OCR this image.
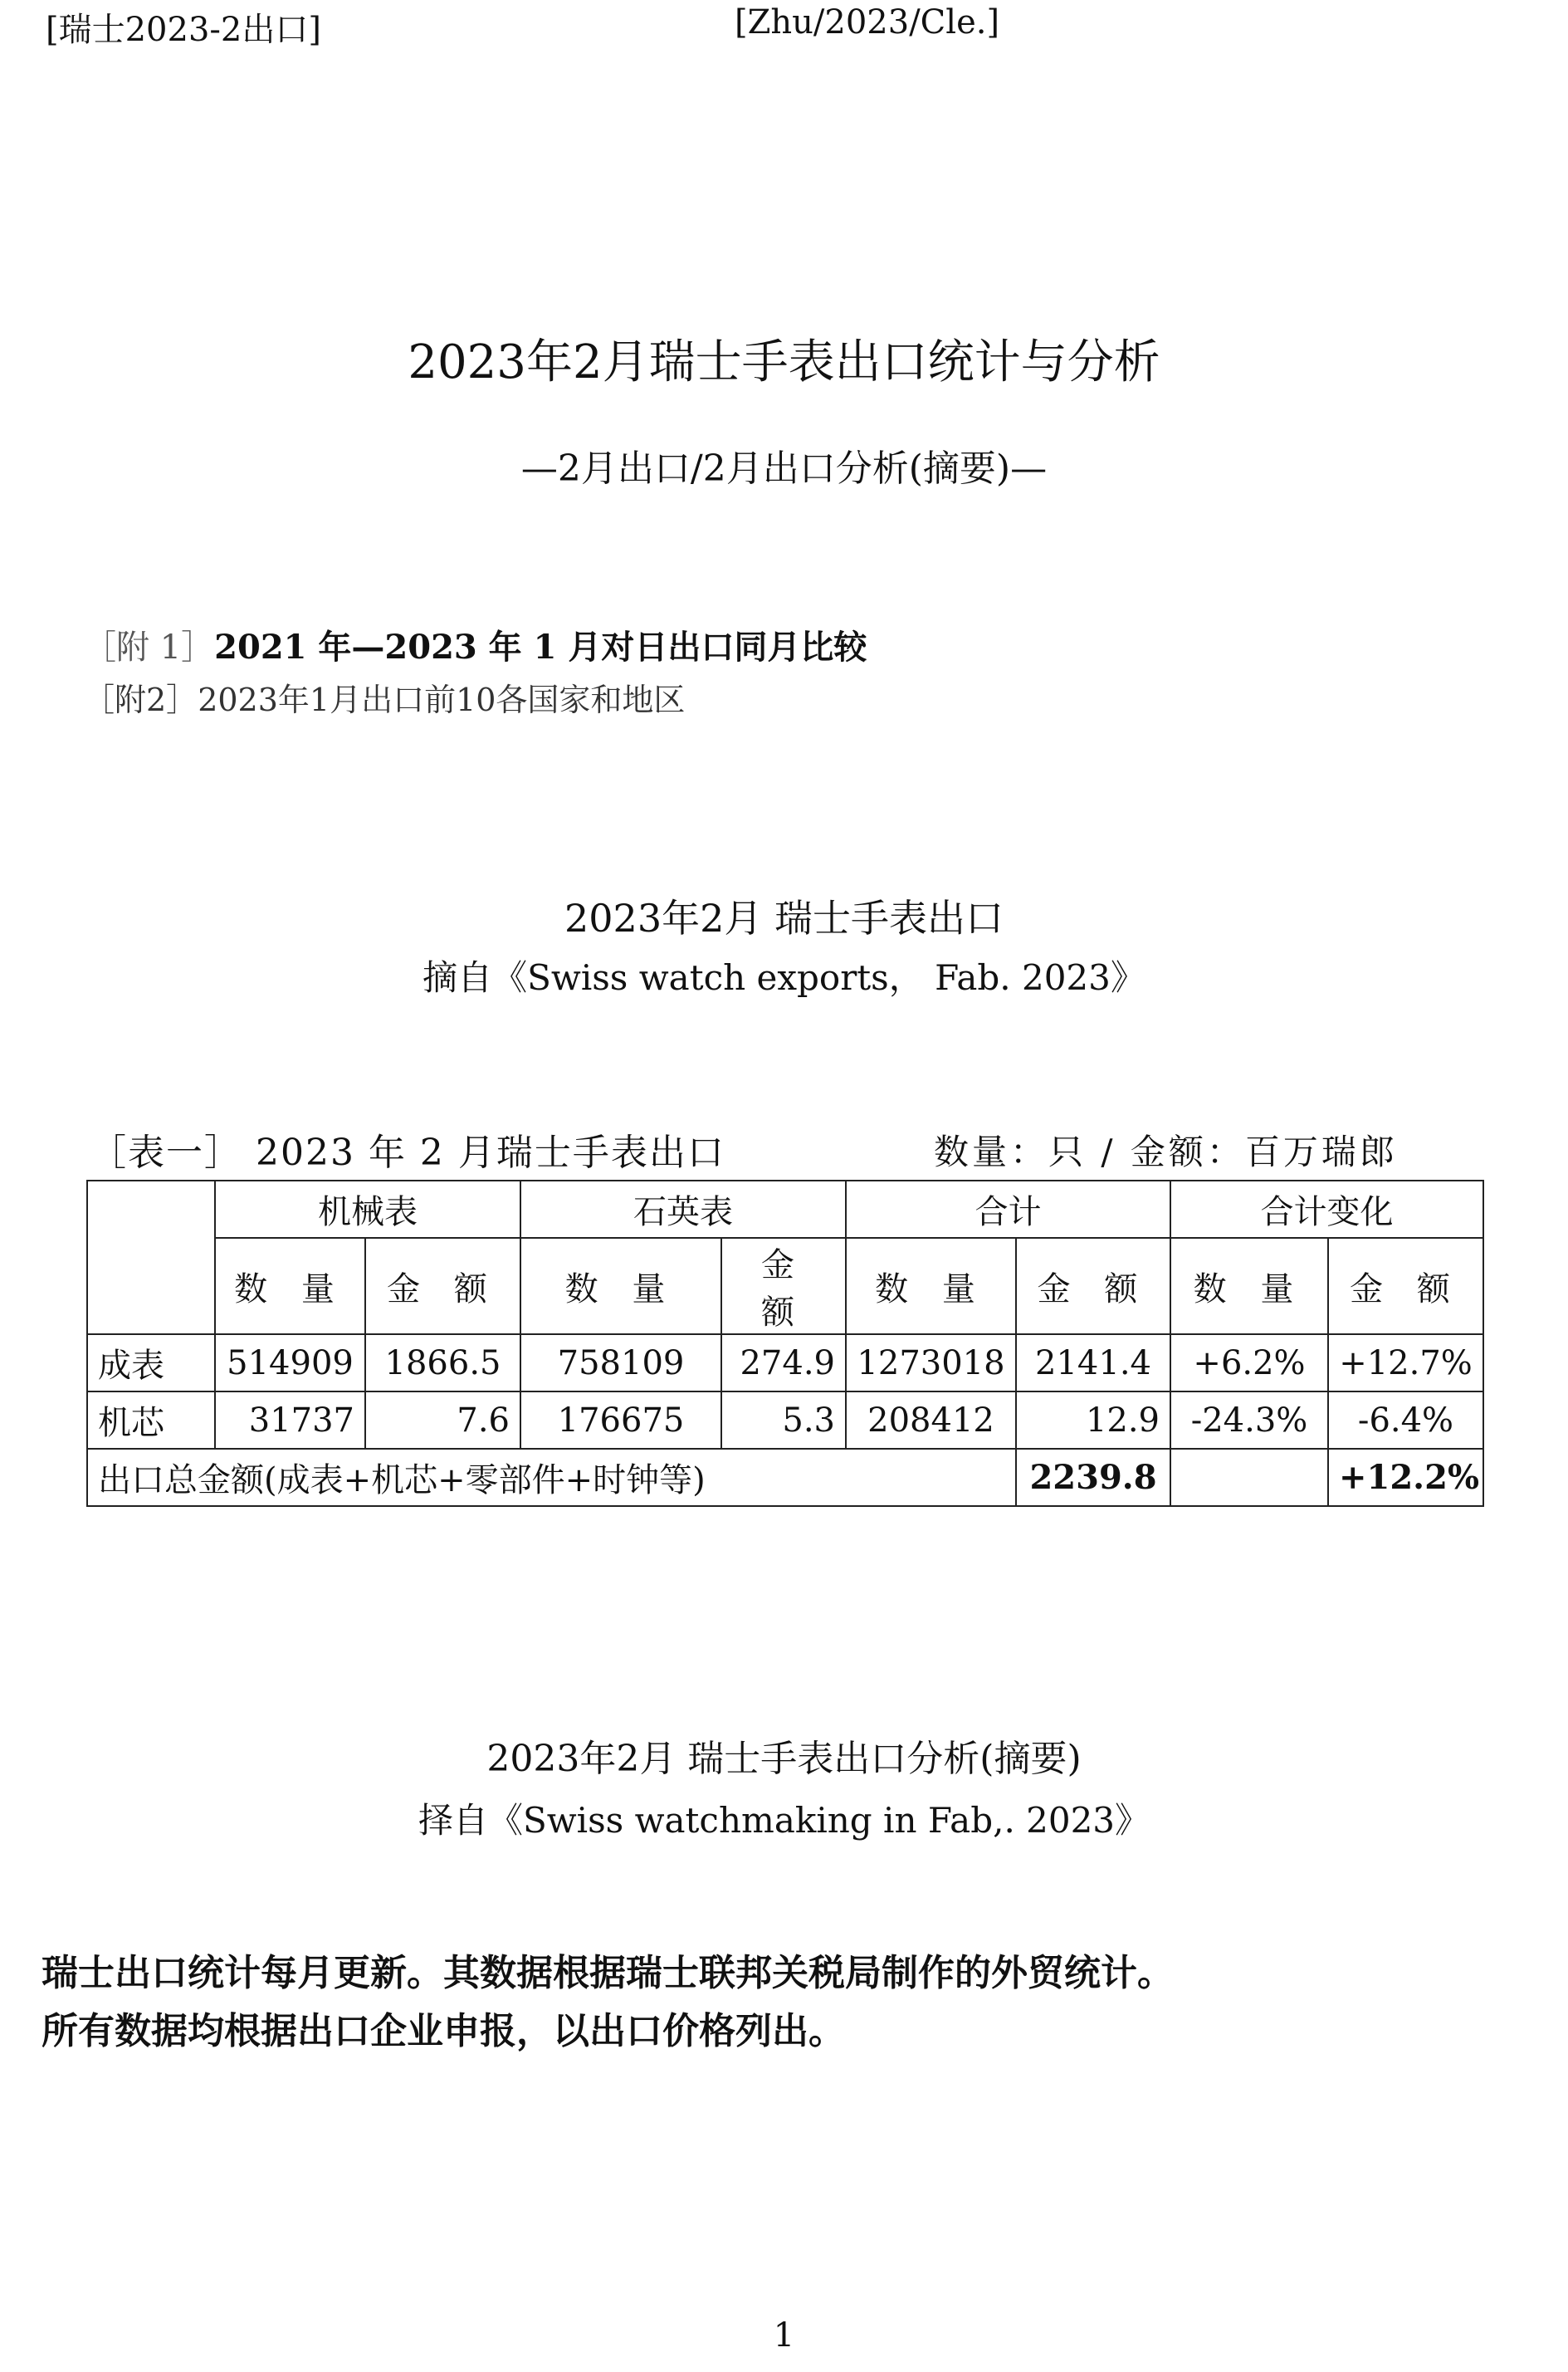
[瑞士2023-2出口]	[Zhu/2023/Cle.]
2023年2月瑞士手表出口统计与分析
—2月出口/2月出口分析(摘要)—
［附 1］2021 年—2023 年 1 月对日出口同月比较
［附2］2023年1月出口前10各国家和地区
2023年2月 瑞士手表出口
摘自《Swiss watch exports， Fab. 2023》
［表一］ 2023 年 2 月瑞士手表出口	数量：只 / 金额：百万瑞郎
	机械表		石英表		合计		合计变化	
	数 量	金 额	数 量	金 额	数 量	金 额	数 量	金 额
成表	514909	1866.5	758109	274.9	1273018	2141.4	+6.2%	+12.7%
机芯	31737	7.6	176675	5.3	208412	12.9	-24.3%	-6.4%
出口总金额(成表+机芯+零部件+时钟等)						2239.8		+12.2%
2023年2月 瑞士手表出口分析(摘要)
择自《Swiss watchmaking in Fab,. 2023》
瑞士出口统计每月更新。其数据根据瑞士联邦关税局制作的外贸统计。
所有数据均根据出口企业申报，以出口价格列出。
1
